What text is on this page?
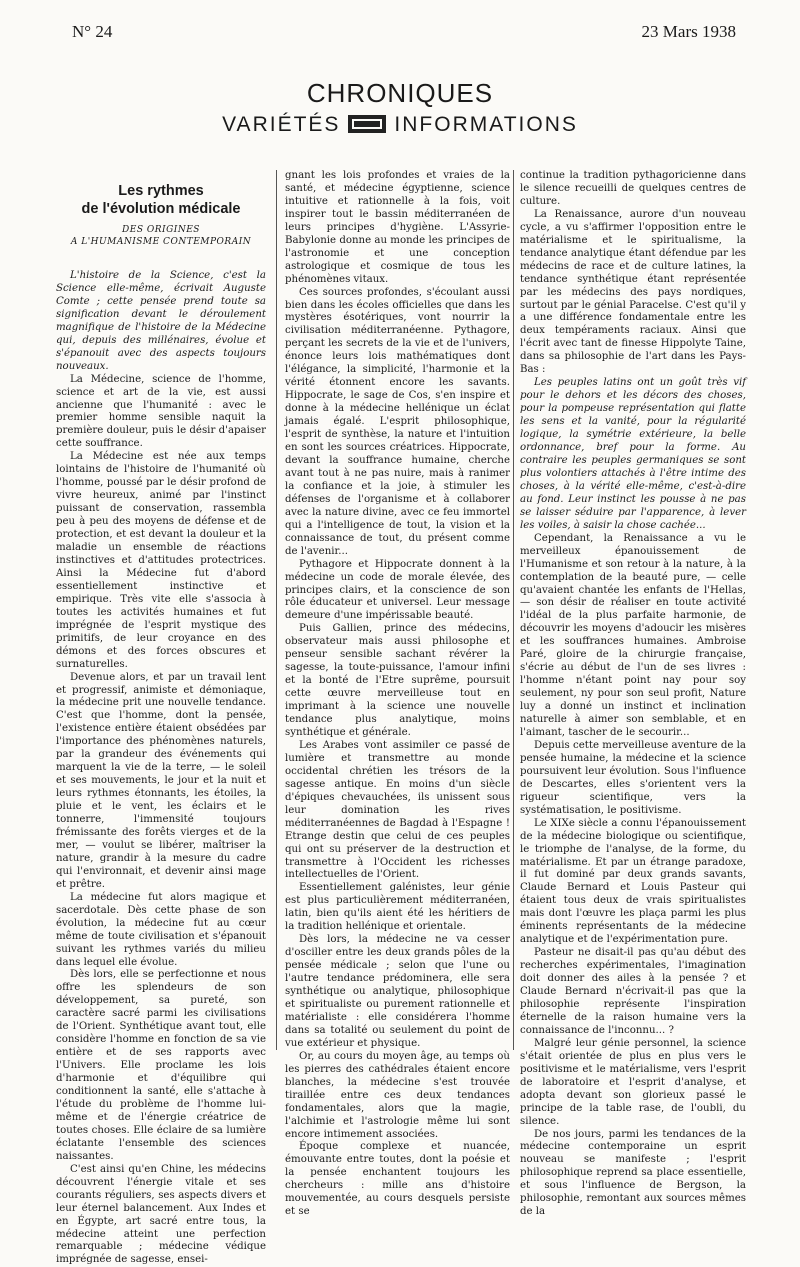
N° 24	23 Mars 1938
CHRONIQUES
VARIÉTÉS	INFORMATIONS
Les rythmes
de l'évolution médicale
DES ORIGINES
A L'HUMANISME CONTEMPORAIN

L'histoire de la Science, c'est la Science elle-même, écrivait Auguste Comte ; cette pensée prend toute sa signification devant le déroulement magnifique de l'histoire de la Médecine qui, depuis des millénaires, évolue et s'épanouit avec des aspects toujours nouveaux.

La Médecine, science de l'homme, science et art de la vie, est aussi ancienne que l'humanité : avec le premier homme sensible naquit la première douleur, puis le désir d'apaiser cette souffrance.

La Médecine est née aux temps lointains de l'histoire de l'humanité où l'homme, poussé par le désir profond de vivre heureux, animé par l'instinct puissant de conservation, rassembla peu à peu des moyens de défense et de protection, et est devant la douleur et la maladie un ensemble de réactions instinctives et d'attitudes protectrices. Ainsi la Médecine fut d'abord essentiellement instinctive et empirique. Très vite elle s'associa à toutes les activités humaines et fut imprégnée de l'esprit mystique des primitifs, de leur croyance en des démons et des forces obscures et surnaturelles.

Devenue alors, et par un travail lent et progressif, animiste et démoniaque, la médecine prit une nouvelle tendance. C'est que l'homme, dont la pensée, l'existence entière étaient obsédées par l'importance des phénomènes naturels, par la grandeur des événements qui marquent la vie de la terre, — le soleil et ses mouvements, le jour et la nuit et leurs rythmes étonnants, les étoiles, la pluie et le vent, les éclairs et le tonnerre, l'immensité toujours frémissante des forêts vierges et de la mer, — voulut se libérer, maîtriser la nature, grandir à la mesure du cadre qui l'environnait, et devenir ainsi mage et prêtre.

La médecine fut alors magique et sacerdotale. Dès cette phase de son évolution, la médecine fut au cœur même de toute civilisation et s'épanouit suivant les rythmes variés du milieu dans lequel elle évolue.

Dès lors, elle se perfectionne et nous offre les splendeurs de son développement, sa pureté, son caractère sacré parmi les civilisations de l'Orient. Synthétique avant tout, elle considère l'homme en fonction de sa vie entière et de ses rapports avec l'Univers. Elle proclame les lois d'harmonie et d'équilibre qui conditionnent la santé, elle s'attache à l'étude du problème de l'homme lui-même et de l'énergie créatrice de toutes choses. Elle éclaire de sa lumière éclatante l'ensemble des sciences naissantes.

C'est ainsi qu'en Chine, les médecins découvrent l'énergie vitale et ses courants réguliers, ses aspects divers et leur éternel balancement. Aux Indes et en Égypte, art sacré entre tous, la médecine atteint une perfection remarquable ; médecine védique imprégnée de sagesse, ensei-

gnant les lois profondes et vraies de la santé, et médecine égyptienne, science intuitive et rationnelle à la fois, voit inspirer tout le bassin méditerranéen de leurs principes d'hygiène. L'Assyrie-Babylonie donne au monde les principes de l'astronomie et une conception astrologique et cosmique de tous les phénomènes vitaux.

Ces sources profondes, s'écoulant aussi bien dans les écoles officielles que dans les mystères ésotériques, vont nourrir la civilisation méditerranéenne. Pythagore, perçant les secrets de la vie et de l'univers, énonce leurs lois mathématiques dont l'élégance, la simplicité, l'harmonie et la vérité étonnent encore les savants. Hippocrate, le sage de Cos, s'en inspire et donne à la médecine hellénique un éclat jamais égalé. L'esprit philosophique, l'esprit de synthèse, la nature et l'intuition en sont les sources créatrices. Hippocrate, devant la souffrance humaine, cherche avant tout à ne pas nuire, mais à ranimer la confiance et la joie, à stimuler les défenses de l'organisme et à collaborer avec la nature divine, avec ce feu immortel qui a l'intelligence de tout, la vision et la connaissance de tout, du présent comme de l'avenir...

Pythagore et Hippocrate donnent à la médecine un code de morale élevée, des principes clairs, et la conscience de son rôle éducateur et universel. Leur message demeure d'une impérissable beauté.

Puis Gallien, prince des médecins, observateur mais aussi philosophe et penseur sensible sachant révérer la sagesse, la toute-puissance, l'amour infini et la bonté de l'Etre suprême, poursuit cette œuvre merveilleuse tout en imprimant à la science une nouvelle tendance plus analytique, moins synthétique et générale.

Les Arabes vont assimiler ce passé de lumière et transmettre au monde occidental chrétien les trésors de la sagesse antique. En moins d'un siècle d'épiques chevauchées, ils unissent sous leur domination les rives méditerranéennes de Bagdad à l'Espagne ! Etrange destin que celui de ces peuples qui ont su préserver de la destruction et transmettre à l'Occident les richesses intellectuelles de l'Orient.

Essentiellement galénistes, leur génie est plus particulièrement méditerranéen, latin, bien qu'ils aient été les héritiers de la tradition hellénique et orientale.

Dès lors, la médecine ne va cesser d'osciller entre les deux grands pôles de la pensée médicale ; selon que l'une ou l'autre tendance prédominera, elle sera synthétique ou analytique, philosophique et spiritualiste ou purement rationnelle et matérialiste : elle considérera l'homme dans sa totalité ou seulement du point de vue extérieur et physique.

Or, au cours du moyen âge, au temps où les pierres des cathédrales étaient encore blanches, la médecine s'est trouvée tiraillée entre ces deux tendances fondamentales, alors que la magie, l'alchimie et l'astrologie même lui sont encore intimement associées.

Époque complexe et nuancée, émouvante entre toutes, dont la poésie et la pensée enchantent toujours les chercheurs : mille ans d'histoire mouvementée, au cours desquels persiste et se

continue la tradition pythagoricienne dans le silence recueilli de quelques centres de culture.

La Renaissance, aurore d'un nouveau cycle, a vu s'affirmer l'opposition entre le matérialisme et le spiritualisme, la tendance analytique étant défendue par les médecins de race et de culture latines, la tendance synthétique étant représentée par les médecins des pays nordiques, surtout par le génial Paracelse. C'est qu'il y a une différence fondamentale entre les deux tempéraments raciaux. Ainsi que l'écrit avec tant de finesse Hippolyte Taine, dans sa philosophie de l'art dans les Pays-Bas :

Les peuples latins ont un goût très vif pour le dehors et les décors des choses, pour la pompeuse représentation qui flatte les sens et la vanité, pour la régularité logique, la symétrie extérieure, la belle ordonnance, bref pour la forme. Au contraire les peuples germaniques se sont plus volontiers attachés à l'être intime des choses, à la vérité elle-même, c'est-à-dire au fond. Leur instinct les pousse à ne pas se laisser séduire par l'apparence, à lever les voiles, à saisir la chose cachée...

Cependant, la Renaissance a vu le merveilleux épanouissement de l'Humanisme et son retour à la nature, à la contemplation de la beauté pure, — celle qu'avaient chantée les enfants de l'Hellas, — son désir de réaliser en toute activité l'idéal de la plus parfaite harmonie, de découvrir les moyens d'adoucir les misères et les souffrances humaines. Ambroise Paré, gloire de la chirurgie française, s'écrie au début de l'un de ses livres : l'homme n'étant point nay pour soy seulement, ny pour son seul profit, Nature luy a donné un instinct et inclination naturelle à aimer son semblable, et en l'aimant, tascher de le secourir...

Depuis cette merveilleuse aventure de la pensée humaine, la médecine et la science poursuivent leur évolution. Sous l'influence de Descartes, elles s'orientent vers la rigueur scientifique, vers la systématisation, le positivisme.

Le XIXe siècle a connu l'épanouissement de la médecine biologique ou scientifique, le triomphe de l'analyse, de la forme, du matérialisme. Et par un étrange paradoxe, il fut dominé par deux grands savants, Claude Bernard et Louis Pasteur qui étaient tous deux de vrais spiritualistes mais dont l'œuvre les plaça parmi les plus éminents représentants de la médecine analytique et de l'expérimentation pure.

Pasteur ne disait-il pas qu'au début des recherches expérimentales, l'imagination doit donner des ailes à la pensée ? et Claude Bernard n'écrivait-il pas que la philosophie représente l'inspiration éternelle de la raison humaine vers la connaissance de l'inconnu... ?

Malgré leur génie personnel, la science s'était orientée de plus en plus vers le positivisme et le matérialisme, vers l'esprit de laboratoire et l'esprit d'analyse, et adopta devant son glorieux passé le principe de la table rase, de l'oubli, du silence.

De nos jours, parmi les tendances de la médecine contemporaine un esprit nouveau se manifeste ; l'esprit philosophique reprend sa place essentielle, et sous l'influence de Bergson, la philosophie, remontant aux sources mêmes de la
